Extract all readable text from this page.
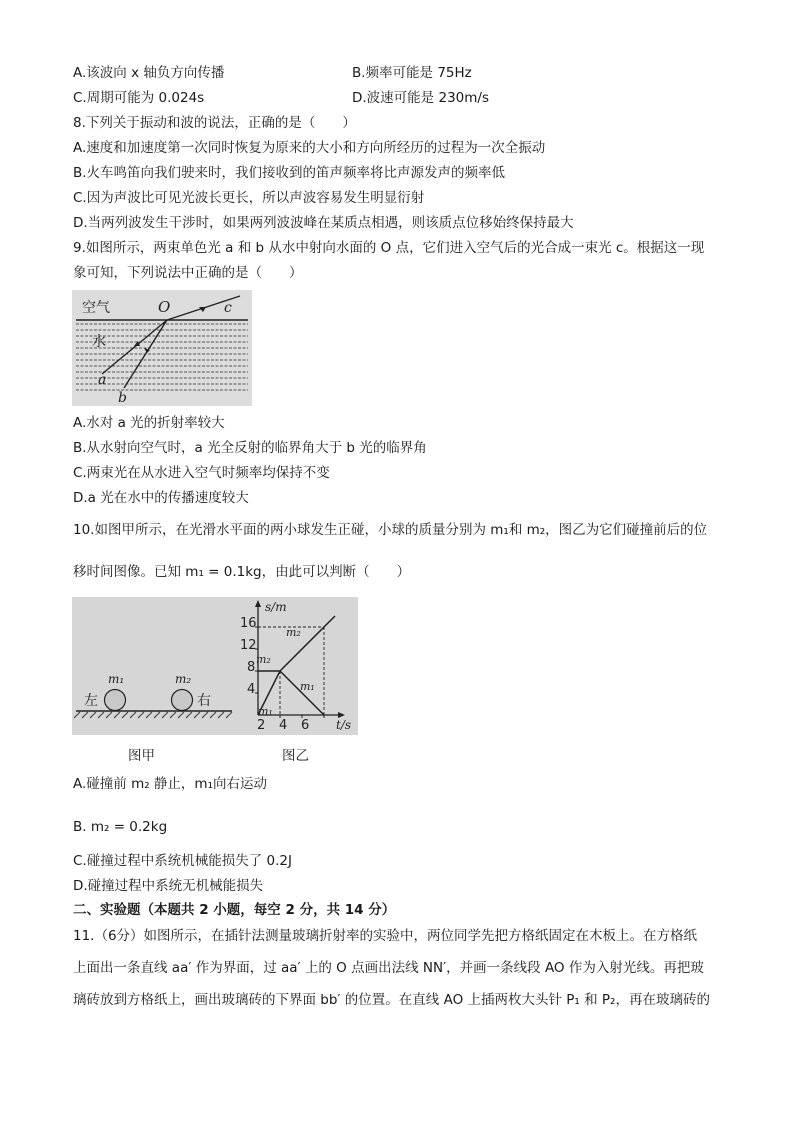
A.该波向 x 轴负方向传播	B.频率可能是 75Hz
C.周期可能为 0.024s	D.波速可能是 230m/s
8.下列关于振动和波的说法，正确的是（　　）
A.速度和加速度第一次同时恢复为原来的大小和方向所经历的过程为一次全振动
B.火车鸣笛向我们驶来时，我们接收到的笛声频率将比声源发声的频率低
C.因为声波比可见光波长更长，所以声波容易发生明显衍射
D.当两列波发生干涉时，如果两列波波峰在某质点相遇，则该质点位移始终保持最大
9.如图所示，两束单色光 a 和 b 从水中射向水面的 O 点，它们进入空气后的光合成一束光 c。根据这一现
象可知，下列说法中正确的是（　　）
空气
水
O	c
a
b
A.水对 a 光的折射率较大
B.从水射向空气时，a 光全反射的临界角大于 b 光的临界角
C.两束光在从水进入空气时频率均保持不变
D.a 光在水中的传播速度较大
10.如图甲所示，在光滑水平面的两小球发生正碰，小球的质量分别为 m₁和 m₂，图乙为它们碰撞前后的位
移时间图像。已知 m₁ = 0.1kg，由此可以判断（　　）
m₁	m₂
左	右
s/m
t/s
16
12
8
4
2 4 6
m₁
m₂
m₂
m₁
图甲	图乙
A.碰撞前 m₂ 静止，m₁向右运动
B. m₂ = 0.2kg
C.碰撞过程中系统机械能损失了 0.2J
D.碰撞过程中系统无机械能损失
二、实验题（本题共 2 小题，每空 2 分，共 14 分）
11.（6分）如图所示，在插针法测量玻璃折射率的实验中，两位同学先把方格纸固定在木板上。在方格纸
上面出一条直线 aa′ 作为界面，过 aa′ 上的 O 点画出法线 NN′，并画一条线段 AO 作为入射光线。再把玻
璃砖放到方格纸上，画出玻璃砖的下界面 bb′ 的位置。在直线 AO 上插两枚大头针 P₁ 和 P₂，再在玻璃砖的
